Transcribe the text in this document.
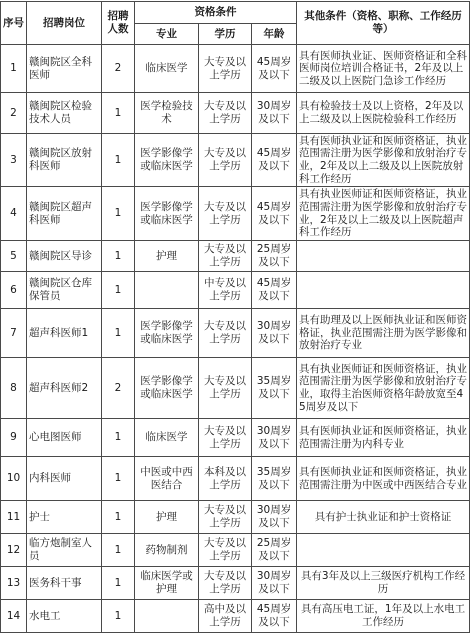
序号	招聘岗位	招聘人数	资格条件			其他条件（资格、职称、工作经历等）
			专业	学历	年龄	
1	赣闽院区全科医师	2	临床医学	大专及以上学历	45周岁及以下	具有医师执业证、医师资格证和全科医师岗位培训合格证书，2年及以上二级及以上医院门急诊工作经历
2	赣闽院区检验技术人员	1	医学检验技术	大专及以上学历	30周岁及以下	具有检验技士及以上资格，2年及以上二级及以上医院检验科工作经历
3	赣闽院区放射科医师	1	医学影像学或临床医学	大专及以上学历	45周岁及以下	具有医师执业证和医师资格证，执业范围需注册为医学影像和放射治疗专业，2年及以上二级及以上医院放射科工作经历
4	赣闽院区超声科医师	1	医学影像学或临床医学	大专及以上学历	45周岁及以下	具有执业医师证和医师资格证，执业范围需注册为医学影像和放射治疗专业，2年及以上二级及以上医院超声科工作经历
5	赣闽院区导诊	1	护理	大专及以上学历	25周岁及以下	
6	赣闽院区仓库保管员	1		中专及以上学历	45周岁及以下	
7	超声科医师1	1	医学影像学或临床医学	大专及以上学历	30周岁及以下	具有助理及以上医师执业证和医师资格证，执业范围需注册为医学影像和放射治疗专业
8	超声科医师2	2	医学影像学或临床医学	大专及以上学历	35周岁及以下	具有执业医师证和医师资格证，执业范围需注册为医学影像和放射治疗专业，取得主治医师资格年龄放宽至45周岁及以下
9	心电图医师	1	临床医学	大专及以上学历	30周岁及以下	具有医师执业证和医师资格证，执业范围需注册为内科专业
10	内科医师	1	中医或中西医结合	本科及以上学历	35周岁及以下	具有医师执业证和医师资格证，执业范围需注册为中医或中西医结合专业
11	护士	1	护理	大专及以上学历	30周岁及以下	具有护士执业证和护士资格证
12	临方炮制室人员	1	药物制剂	大专及以上学历	25周岁及以下	
13	医务科干事	1	临床医学或护理	大专及以上学历	30周岁及以下	具有3年及以上三级医疗机构工作经历
14	水电工	1		高中及以上学历	45周岁及以下	具有高压电工证，1年及以上水电工工作经历
